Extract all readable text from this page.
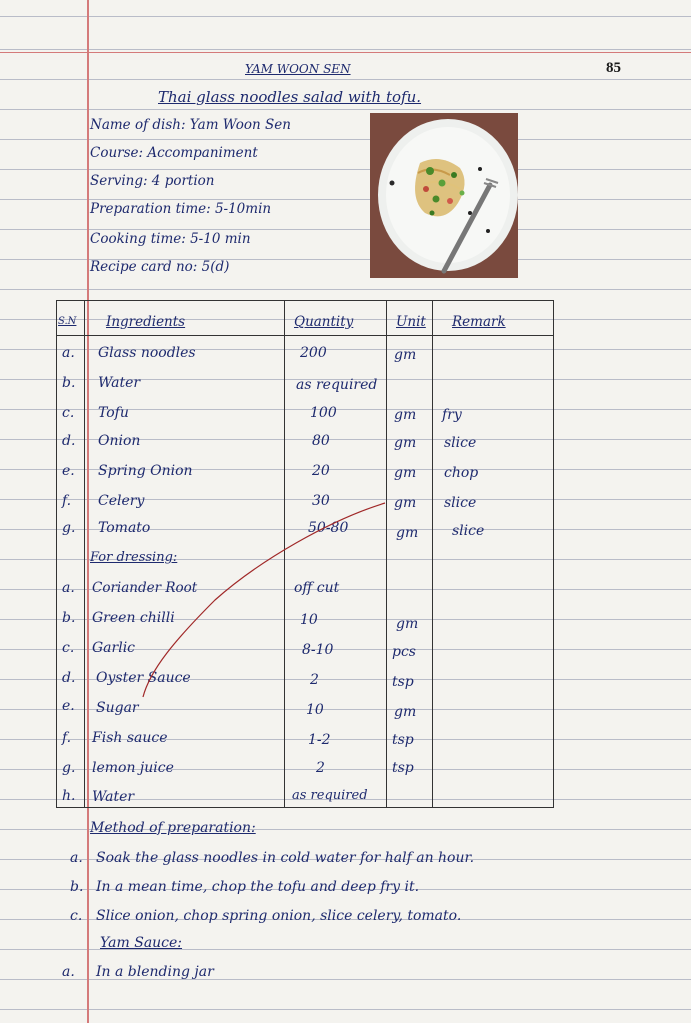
85
YAM WOON SEN
Thai glass noodles salad with tofu.
Name of dish: Yam Woon Sen
Course: Accompaniment
Serving: 4 portion
Preparation time: 5-10min
Cooking time: 5-10 min
Recipe card no: 5(d)
S.N Ingredients	Quantity	Unit Remark
a. Glass noodles	200	gm
b. Water	as required
c. Tofu	100	gm fry
d. Onion	80	gm slice
e. Spring Onion	20	gm chop
f. Celery	30	gm slice
g. Tomato	50-80	gm slice
For dressing:
a. Coriander Root	off cut
b. Green chilli	10	gm
c. Garlic	8-10	pcs
d. Oyster Sauce	2	tsp
e. Sugar	10	gm
f. Fish sauce	1-2	tsp
g. lemon juice	2	tsp
h. Water	as required
Method of preparation:
a. Soak the glass noodles in cold water for half an hour.
b. In a mean time, chop the tofu and deep fry it.
c. Slice onion, chop spring onion, slice celery, tomato.
Yam Sauce:
a. In a blending jar
